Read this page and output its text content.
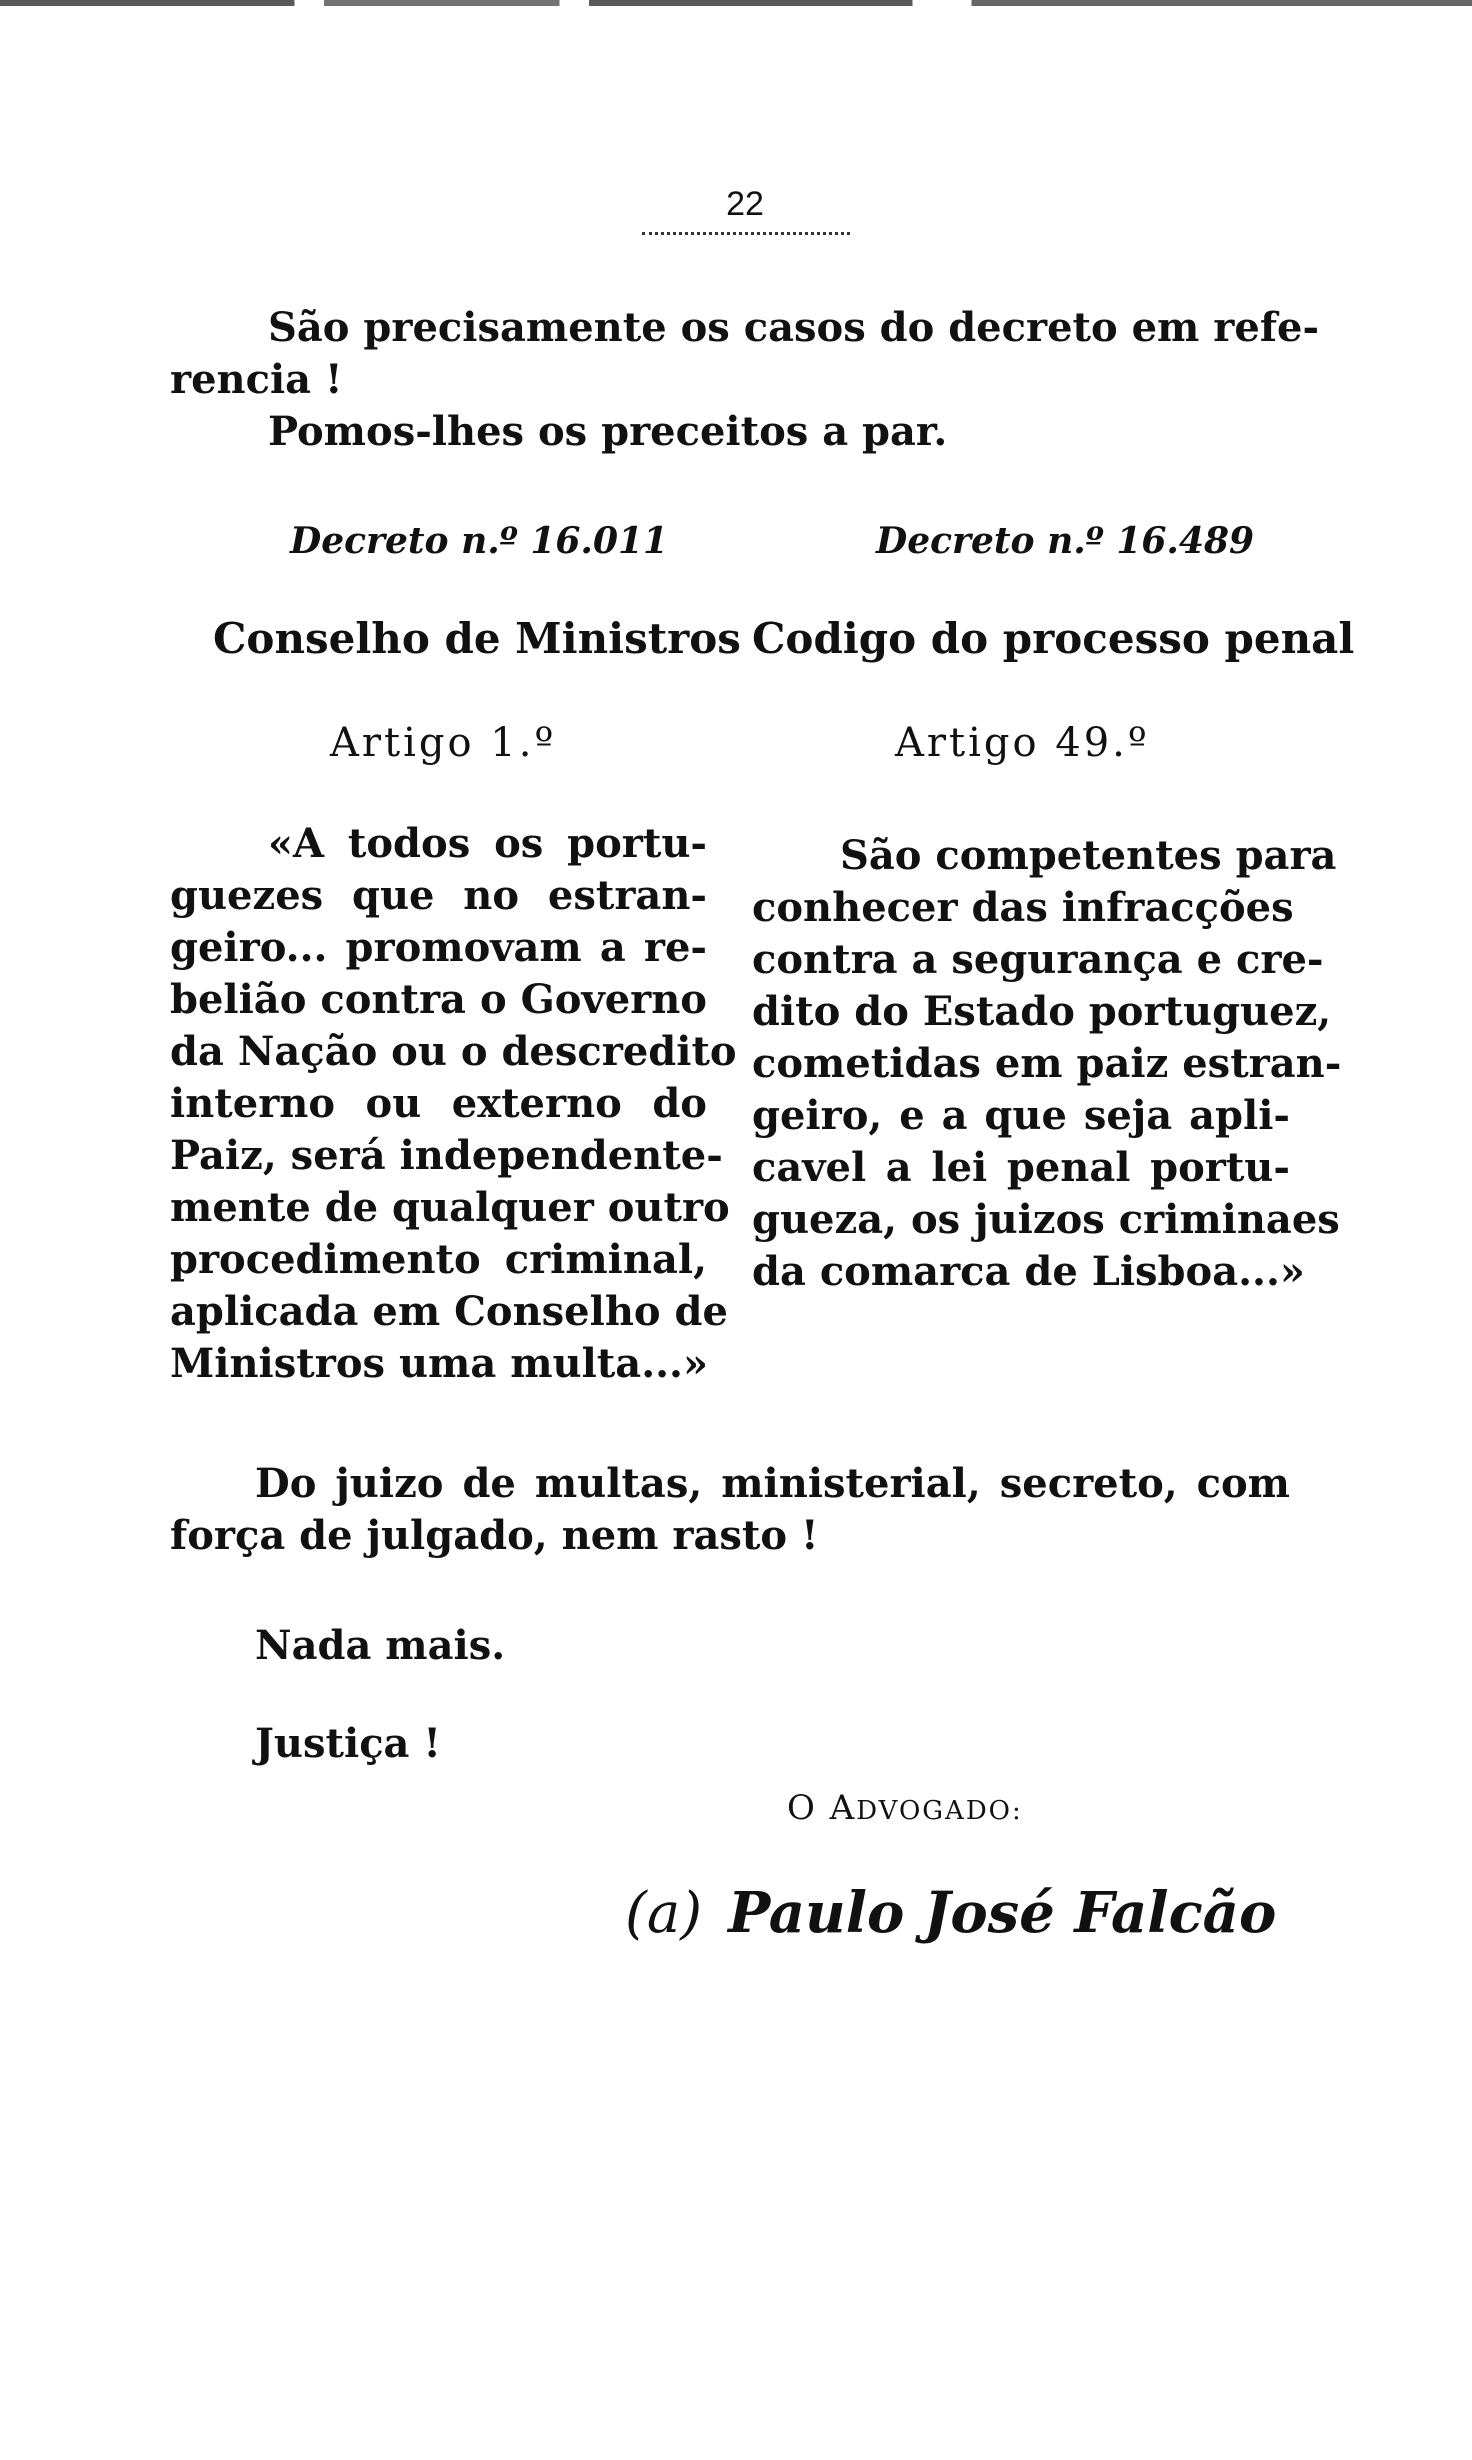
22
São precisamente os casos do decreto em refe-
rencia !
Pomos-lhes os preceitos a par.
Decreto n.º 16.011	Decreto n.º 16.489
Conselho de Ministros Codigo do processo penal
Artigo 1.º	Artigo 49.º
«A todos os portu-
guezes que no estran-
geiro... promovam a re-
belião contra o Governo
da Nação ou o descredito
interno ou externo do
Paiz, será independente-
mente de qualquer outro
procedimento criminal,
aplicada em Conselho de
Ministros uma multa...»
São competentes para
conhecer das infracções
contra a segurança e cre-
dito do Estado portuguez,
cometidas em paiz estran-
geiro, e a que seja apli-
cavel a lei penal portu-
gueza, os juizos criminaes
da comarca de Lisboa...»
Do juizo de multas, ministerial, secreto, com
força de julgado, nem rasto !
Nada mais.
Justiça !
O ADVOGADO:
(a) Paulo José Falcão
